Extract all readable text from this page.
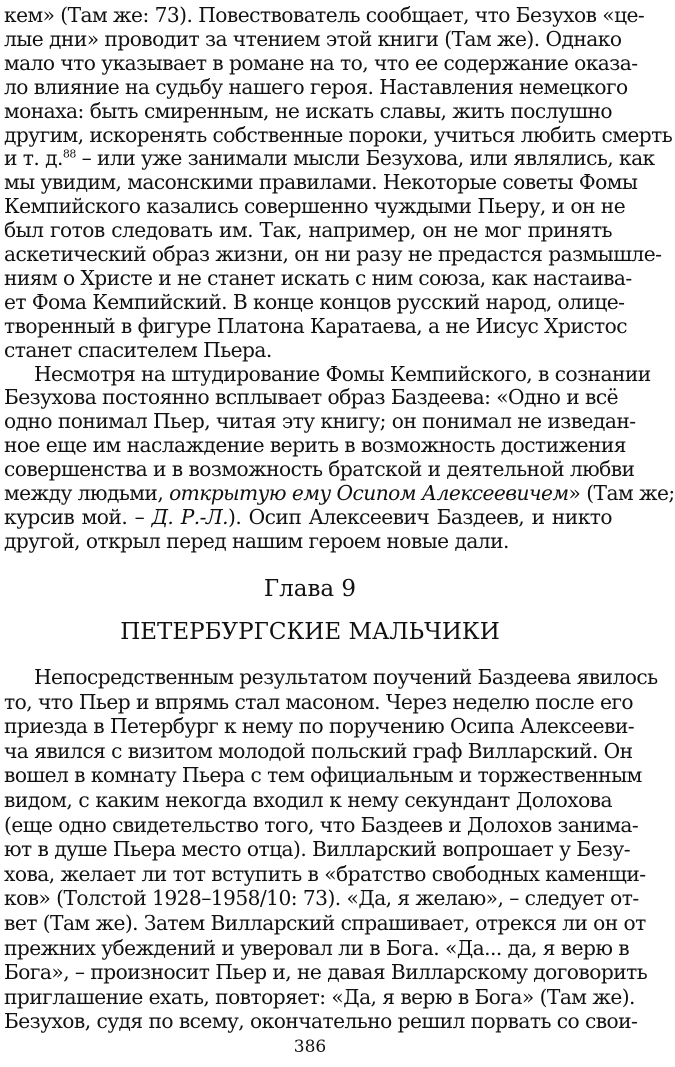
кем» (Там же: 73). Повествователь сообщает, что Безухов «це-
лые дни» проводит за чтением этой книги (Там же). Однако
мало что указывает в романе на то, что ее содержание оказа-
ло влияние на судьбу нашего героя. Наставления немецкого
монаха: быть смиренным, не искать славы, жить послушно
другим, искоренять собственные пороки, учиться любить смерть
и т. д.$^{88}$ – или уже занимали мысли Безухова, или являлись, как
мы увидим, масонскими правилами. Некоторые советы Фомы
Кемпийского казались совершенно чуждыми Пьеру, и он не
был готов следовать им. Так, например, он не мог принять
аскетический образ жизни, он ни разу не предастся размышле-
ниям о Христе и не станет искать с ним союза, как настаива-
ет Фома Кемпийский. В конце концов русский народ, олице-
творенный в фигуре Платона Каратаева, а не Иисус Христос
станет спасителем Пьера.
Несмотря на штудирование Фомы Кемпийского, в сознании
Безухова постоянно всплывает образ Баздеева: «Одно и всё
одно понимал Пьер, читая эту книгу; он понимал не изведан-
ное еще им наслаждение верить в возможность достижения
совершенства и в возможность братской и деятельной любви
между людьми, открытую ему Осипом Алексеевичем» (Там же;
курсив мой. – Д. Р.-Л.). Осип Алексеевич Баздеев, и никто
другой, открыл перед нашим героем новые дали.
Глава 9
ПЕТЕРБУРГСКИЕ МАЛЬЧИКИ
Непосредственным результатом поучений Баздеева явилось
то, что Пьер и впрямь стал масоном. Через неделю после его
приезда в Петербург к нему по поручению Осипа Алексееви-
ча явился с визитом молодой польский граф Вилларский. Он
вошел в комнату Пьера с тем официальным и торжественным
видом, с каким некогда входил к нему секундант Долохова
(еще одно свидетельство того, что Баздеев и Долохов занима-
ют в душе Пьера место отца). Вилларский вопрошает у Безу-
хова, желает ли тот вступить в «братство свободных каменщи-
ков» (Толстой 1928–1958/10: 73). «Да, я желаю», – следует от-
вет (Там же). Затем Вилларский спрашивает, отрекся ли он от
прежних убеждений и уверовал ли в Бога. «Да... да, я верю в
Бога», – произносит Пьер и, не давая Вилларскому договорить
приглашение ехать, повторяет: «Да, я верю в Бога» (Там же).
Безухов, судя по всему, окончательно решил порвать со свои-
386
